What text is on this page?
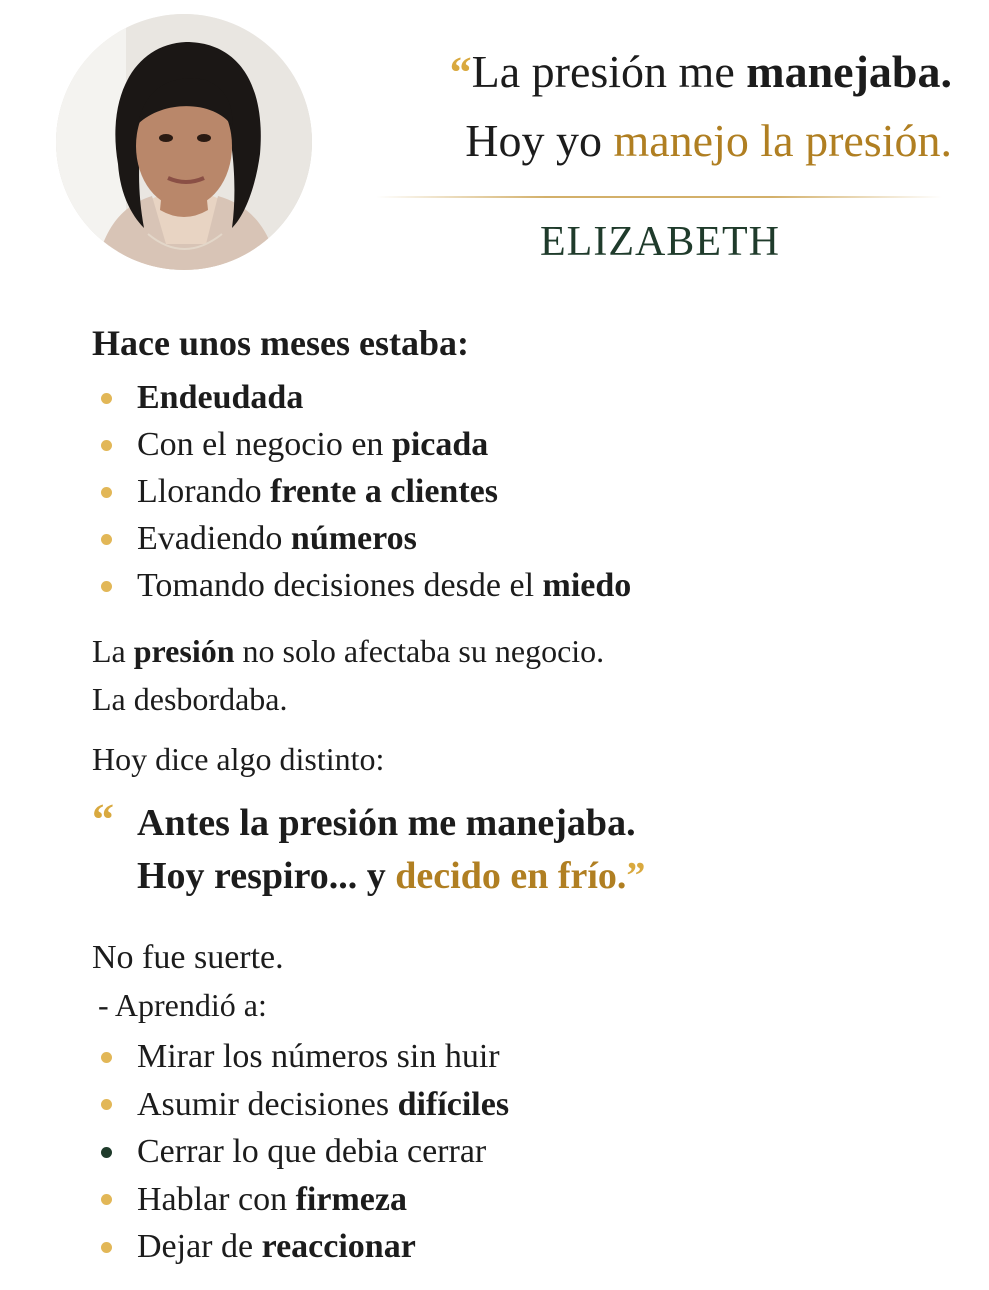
“La presión me manejaba.
Hoy yo manejo la presión.
ELIZABETH
Hace unos meses estaba:
Endeudada
Con el negocio en picada
Llorando frente a clientes
Evadiendo números
Tomando decisiones desde el miedo
La presión no solo afectaba su negocio.
La desbordaba.
Hoy dice algo distinto:
“ Antes la presión me manejaba.
Hoy respiro... y decido en frío.”
No fue suerte.
- Aprendió a:
Mirar los números sin huir
Asumir decisiones difíciles
Cerrar lo que debia cerrar
Hablar con firmeza
Dejar de reaccionar
